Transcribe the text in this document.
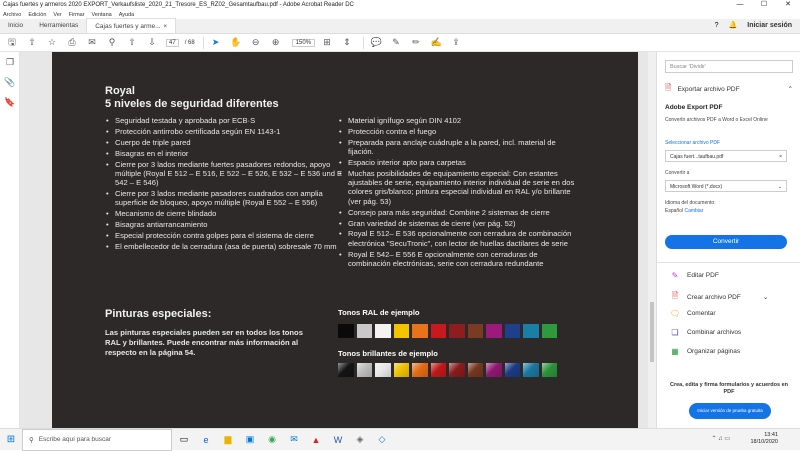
Cajas fuertes y armeros 2020 EXPORT_Verkaufsliste_2020_21_Tresore_ES_RZ02_Gesamtaufbau.pdf - Adobe Acrobat Reader DC	—	☐	✕
Archivo Edición Ver Firmar Ventana Ayuda
Inicio	Herramientas	Cajas fuertes y arme... ×	? 🔔 Iniciar sesión
🖫	⇧	☆	⎙	✉	⚲	⇧	⇩	47	/ 68	➤	✋	⊖	⊕	150%	⊞	⇕	💬	✎	✏	✍	⇪
❐
📎
🔖
Royal
5 niveles de seguridad diferentes
• Seguridad testada y aprobada por ECB·S
• Protección antirrobo certificada según EN 1143-1
• Cuerpo de triple pared
• Bisagras en el interior
• Cierre por 3 lados mediante fuertes pasadores redondos, apoyo múltiple (Royal E 512 – E 516, E 522 – E 526, E 532 – E 536 und E 542 – E 546)
• Cierre por 3 lados mediante pasadores cuadrados con amplia superficie de bloqueo, apoyo múltiple (Royal E 552 – E 556)
• Mecanismo de cierre blindado
• Bisagras antiarrancamiento
• Especial protección contra golpes para el sistema de cierre
• El embellecedor de la cerradura (asa de puerta) sobresale 70 mm
• Material ignífugo según DIN 4102
• Protección contra el fuego
• Preparada para anclaje cuádruple a la pared, incl. material de fijación.
• Espacio interior apto para carpetas
• Muchas posibilidades de equipamiento especial: Con estantes ajustables de serie, equipamiento interior individual de serie en dos colores gris/blanco; pintura especial individual en RAL y/o brillante (ver pág. 53)
• Consejo para más seguridad: Combine 2 sistemas de cierre
• Gran variedad de sistemas de cierre (ver pág. 52)
• Royal E 512– E 536 opcionalmente con cerradura de combinación electrónica "SecuTronic", con lector de huellas dactilares de serie
• Royal E 542– E 556 E opcionalmente con cerraduras de combinación electrónicas, serie con cerradura redundante
Pinturas especiales:
Las pinturas especiales pueden ser en todos los tonos RAL y brillantes. Puede encontrar más información al respecto en la página 54.
Tonos RAL de ejemplo
Tonos brillantes de ejemplo
Buscar 'Dividir'
🗎 Exportar archivo PDF	⌃
Adobe Export PDF
Convertir archivos PDF a Word o Excel Online
Seleccionar archivo PDF
Cajas fuert...taufbau.pdf	×
Convertir a
Microsoft Word (*.docx)	⌄
Idioma del documento:
Español Cambiar
Convertir
✎	Editar PDF
🗎	Crear archivo PDF	⌄
🗨 Comentar
❏	Combinar archivos
▦	Organizar páginas
Crea, edita y firma formularios y acuerdos en PDF
Iniciar versión de prueba gratuita
⊞	⚲ Escribe aquí para buscar	▭	e	▆	▣	◉	✉	▲	W	◈	◇	⌃ ♫ ▭
13:41
18/10/2020
